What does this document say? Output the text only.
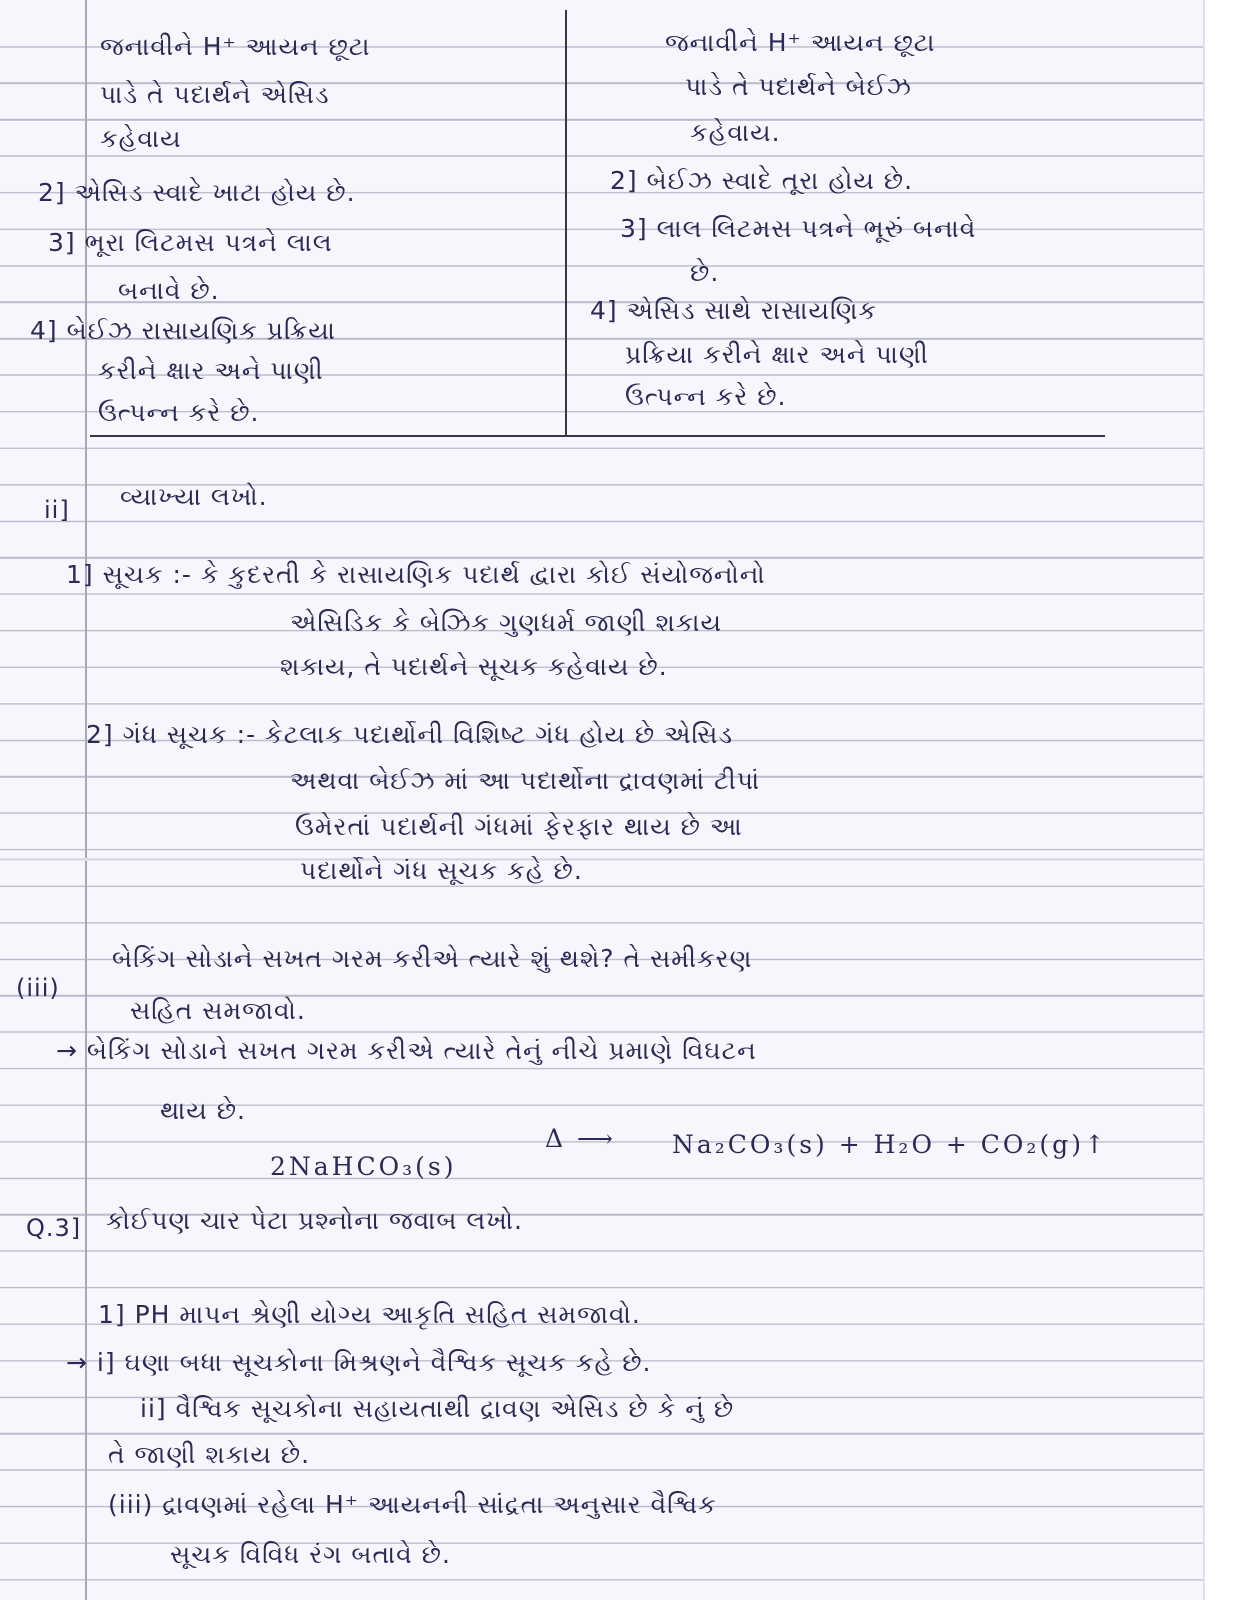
જનાવીને H⁺ આયન છૂટા
પાડે તે પદાર્થને એસિડ
કહેવાય
2] એસિડ સ્વાદે ખાટા હોય છે.
3] ભૂરા લિટમસ પત્રને લાલ
બનાવે છે.
4] બેઈઝ રાસાયણિક પ્રક્રિયા
કરીને ક્ષાર અને પાણી
ઉત્પન્ન કરે છે.
જનાવીને H⁺ આયન છૂટા
પાડે તે પદાર્થને બેઈઝ
કહેવાય.
2] બેઈઝ સ્વાદે તૂરા હોય છે.
3] લાલ લિટમસ પત્રને ભૂરું બનાવે
છે.
4] એસિડ સાથે રાસાયણિક
પ્રક્રિયા કરીને ક્ષાર અને પાણી
ઉત્પન્ન કરે છે.
ii] વ્યાખ્યા લખો.
1] સૂચક :- કે કુદરતી કે રાસાયણિક પદાર્થ દ્વારા કોઈ સંયોજનોનો
એસિડિક કે બેઝિક ગુણધર્મ જાણી શકાય
શકાય, તે પદાર્થને સૂચક કહેવાય છે.
2] ગંધ સૂચક :- કેટલાક પદાર્થોની વિશિષ્ટ ગંધ હોય છે એસિડ
અથવા બેઈઝ માં આ પદાર્થોના દ્રાવણમાં ટીપાં
ઉમેરતાં પદાર્થની ગંધમાં ફેરફાર થાય છે આ
પદાર્થોને ગંધ સૂચક કહે છે.
(iii)
બેકિંગ સોડાને સખત ગરમ કરીએ ત્યારે શું થશે? તે સમીકરણ
સહિત સમજાવો.
→ બેકિંગ સોડાને સખત ગરમ કરીએ ત્યારે તેનું નીચે પ્રમાણે વિઘટન
થાય છે.
2NaHCO₃(s)
Δ ⟶ Na₂CO₃(s) + H₂O + CO₂(g)↑
Q.3] કોઈપણ ચાર પેટા પ્રશ્નોના જવાબ લખો.
1] PH માપન શ્રેણી યોગ્ય આકૃતિ સહિત સમજાવો.
→ i] ઘણા બધા સૂચકોના મિશ્રણને વૈશ્વિક સૂચક કહે છે.
ii] વૈશ્વિક સૂચકોના સહાયતાથી દ્રાવણ એસિડ છે કે નું છે
તે જાણી શકાય છે.
(iii) દ્રાવણમાં રહેલા H⁺ આયનની સાંદ્રતા અનુસાર વૈશ્વિક
સૂચક વિવિધ રંગ બતાવે છે.
